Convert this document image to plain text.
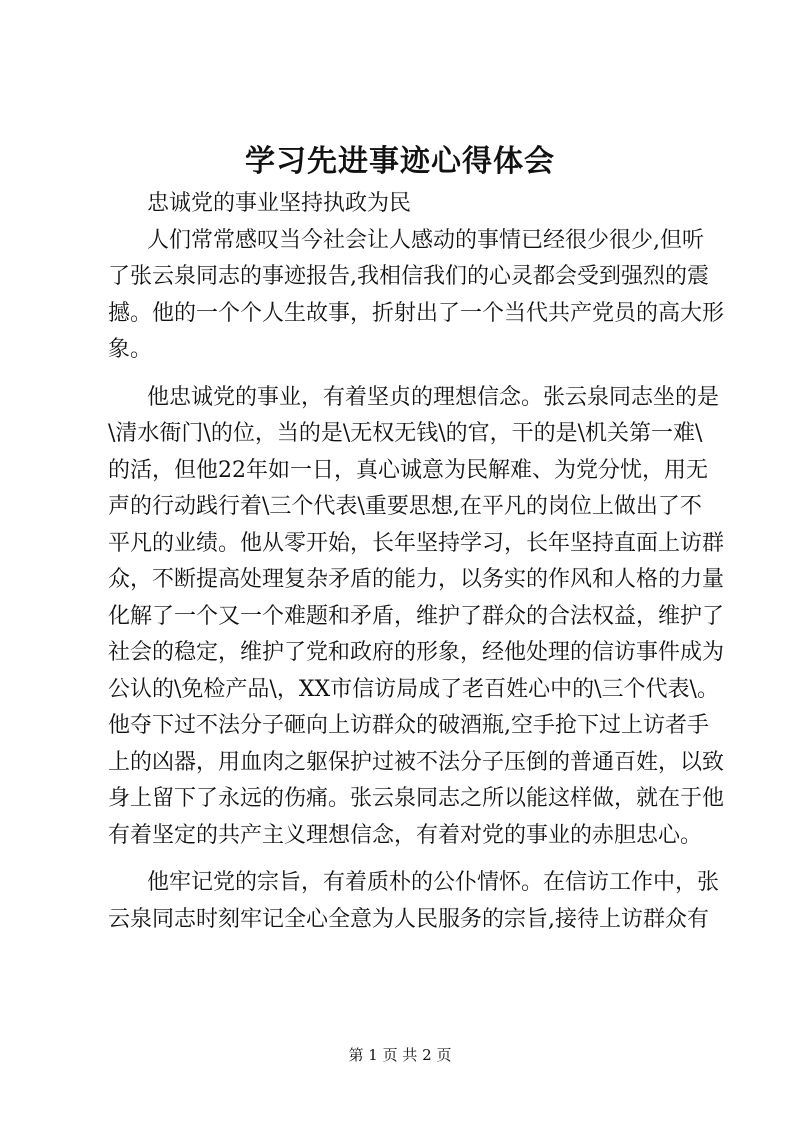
学习先进事迹心得体会
忠诚党的事业坚持执政为民
人们常常感叹当今社会让人感动的事情已经很少很少,但听
了张云泉同志的事迹报告,我相信我们的心灵都会受到强烈的震
撼。他的一个个人生故事，折射出了一个当代共产党员的高大形
象。
他忠诚党的事业，有着坚贞的理想信念。张云泉同志坐的是
\清水衙门\的位，当的是\无权无钱\的官，干的是\机关第一难\
的活，但他22年如一日，真心诚意为民解难、为党分忧，用无
声的行动践行着\三个代表\重要思想,在平凡的岗位上做出了不
平凡的业绩。他从零开始，长年坚持学习，长年坚持直面上访群
众，不断提高处理复杂矛盾的能力，以务实的作风和人格的力量
化解了一个又一个难题和矛盾，维护了群众的合法权益，维护了
社会的稳定，维护了党和政府的形象，经他处理的信访事件成为
公认的\免检产品\，XX市信访局成了老百姓心中的\三个代表\。
他夺下过不法分子砸向上访群众的破酒瓶,空手抢下过上访者手
上的凶器，用血肉之躯保护过被不法分子压倒的普通百姓，以致
身上留下了永远的伤痛。张云泉同志之所以能这样做，就在于他
有着坚定的共产主义理想信念，有着对党的事业的赤胆忠心。
他牢记党的宗旨，有着质朴的公仆情怀。在信访工作中，张
云泉同志时刻牢记全心全意为人民服务的宗旨,接待上访群众有
第 1 页 共 2 页
